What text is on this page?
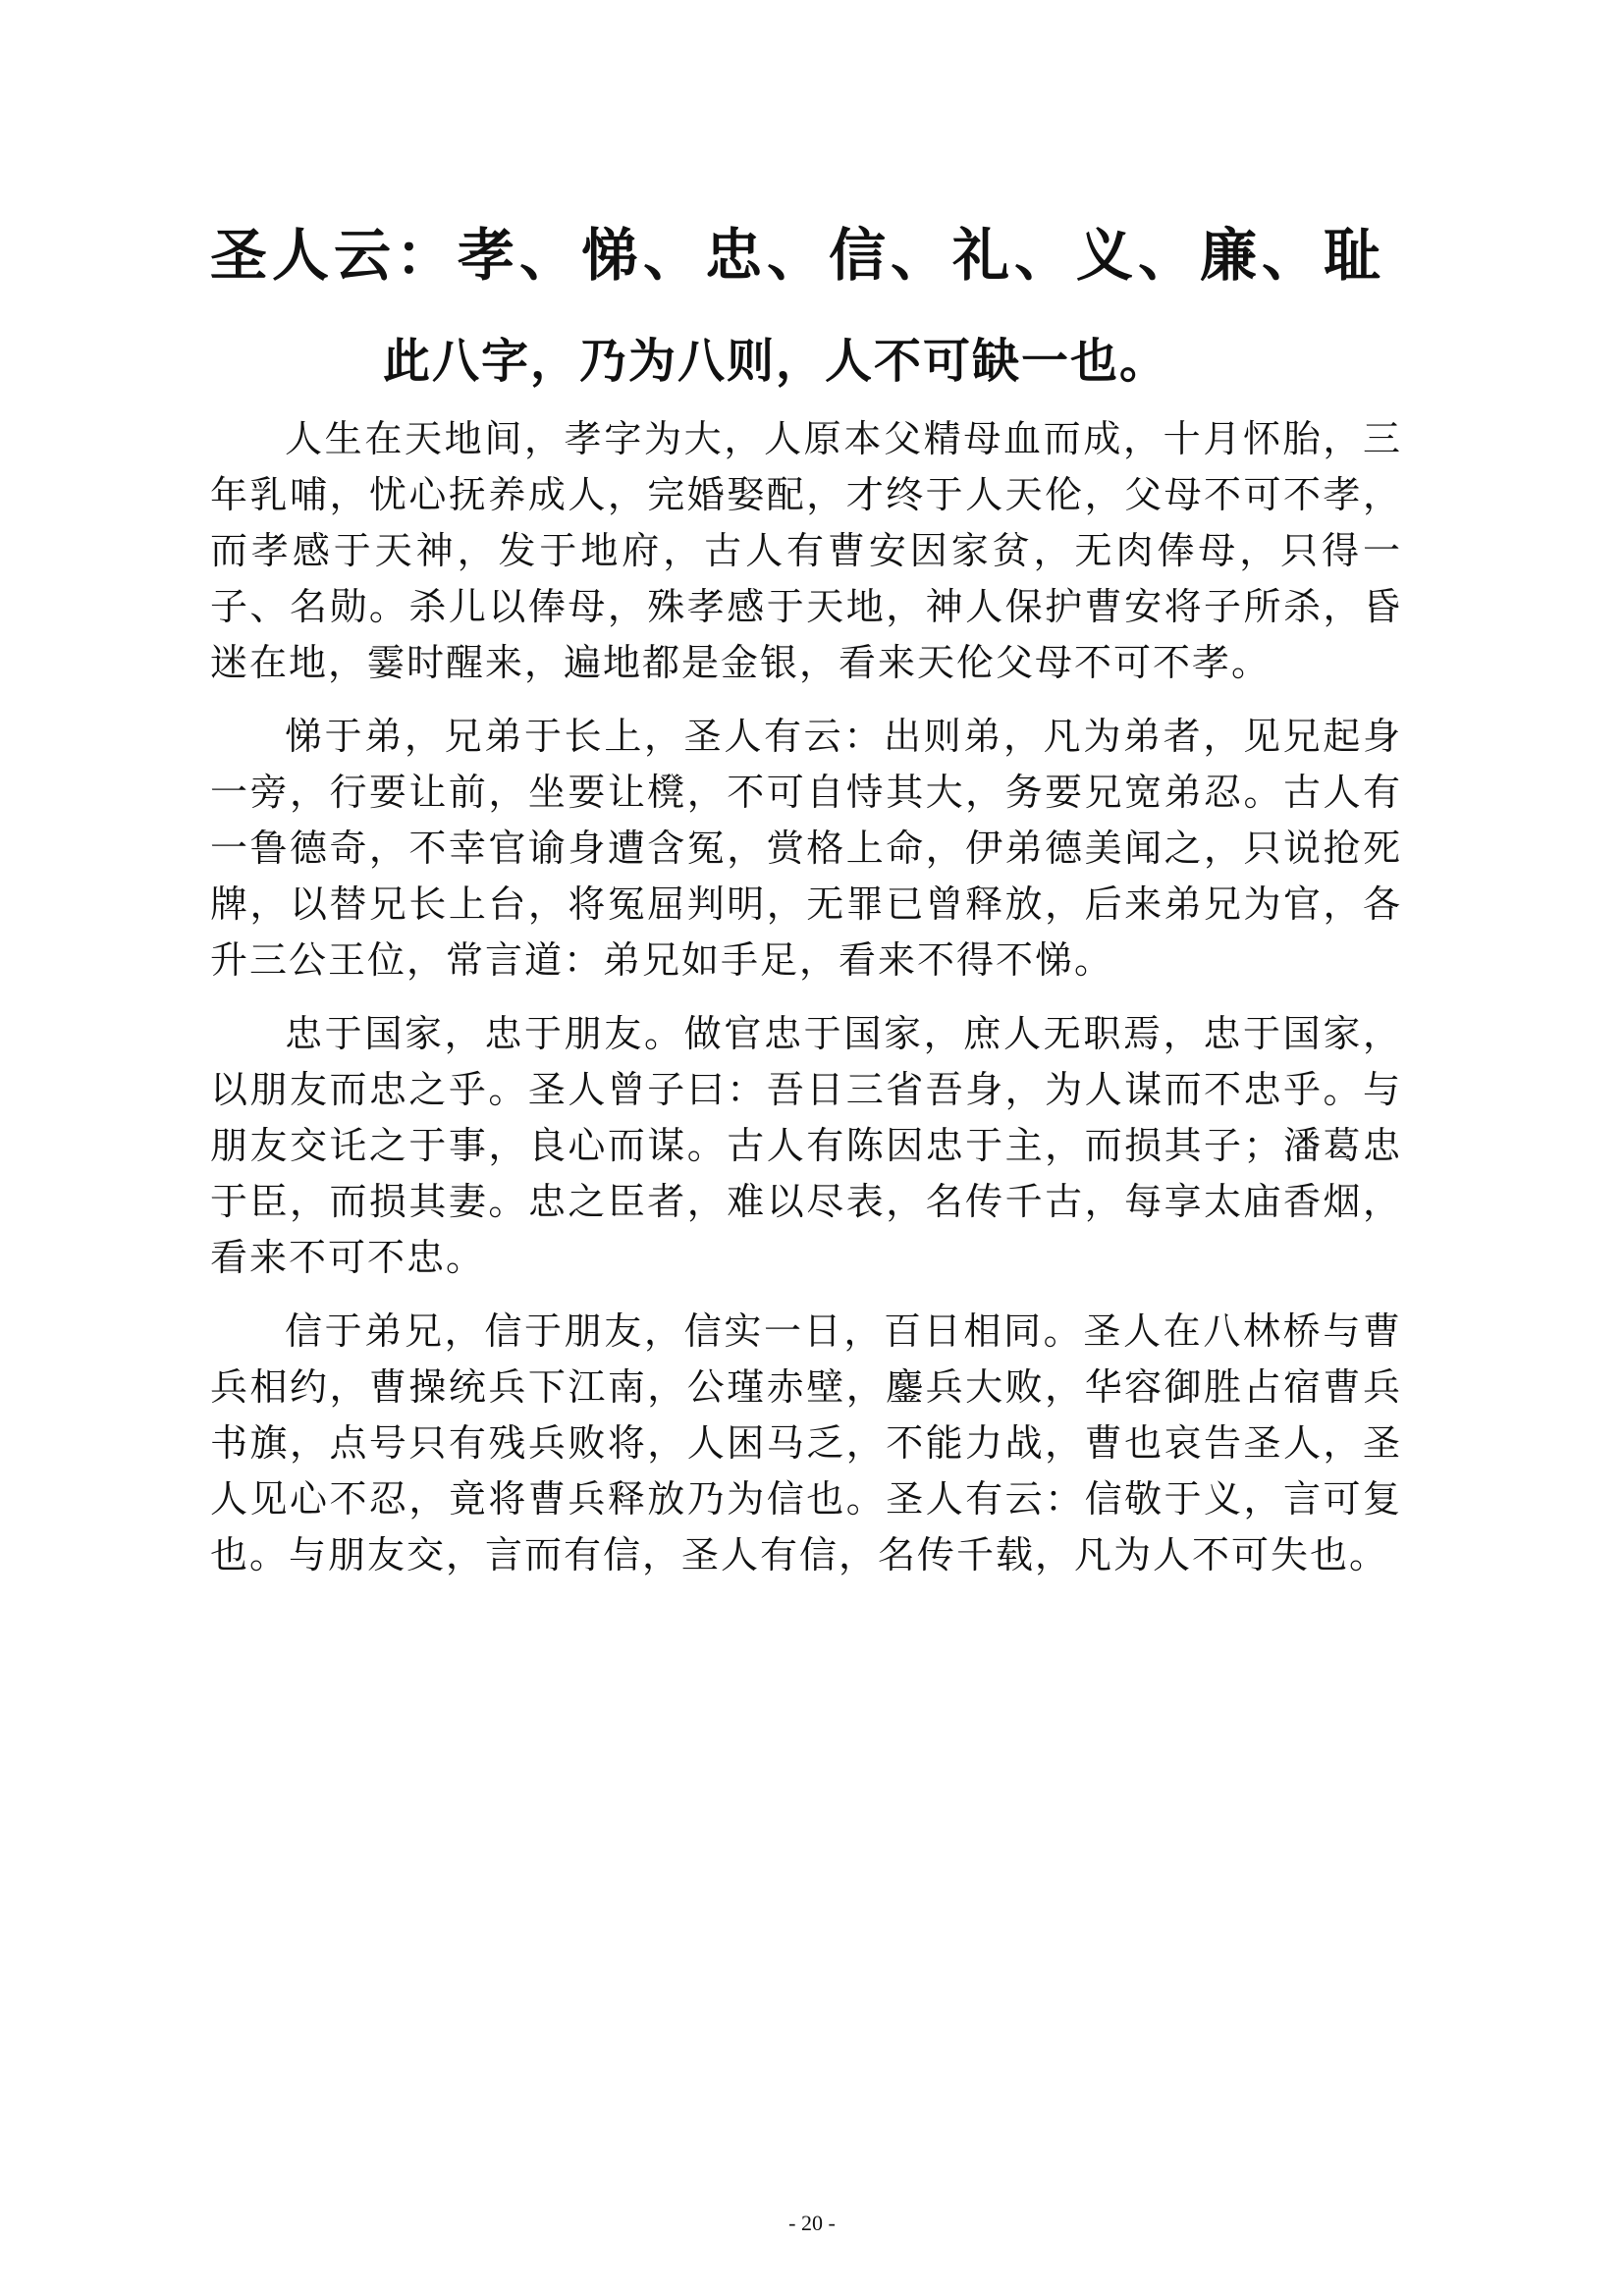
圣人云：孝、悌、忠、信、礼、义、廉、耻
此八字，乃为八则，人不可缺一也。

人生在天地间，孝字为大，人原本父精母血而成，十月怀胎，三年乳哺，忧心抚养成人，完婚娶配，才终于人天伦，父母不可不孝，而孝感于天神，发于地府，古人有曹安因家贫，无肉俸母，只得一子、名勋。杀儿以俸母，殊孝感于天地，神人保护曹安将子所杀，昏迷在地，霎时醒来，遍地都是金银，看来天伦父母不可不孝。

悌于弟，兄弟于长上，圣人有云：出则弟，凡为弟者，见兄起身一旁，行要让前，坐要让櫈，不可自恃其大，务要兄宽弟忍。古人有一鲁德奇，不幸官谕身遭含冤，赏格上命，伊弟德美闻之，只说抢死牌，以替兄长上台，将冤屈判明，无罪已曾释放，后来弟兄为官，各升三公王位，常言道：弟兄如手足，看来不得不悌。

忠于国家，忠于朋友。做官忠于国家，庶人无职焉，忠于国家，以朋友而忠之乎。圣人曾子曰：吾日三省吾身，为人谋而不忠乎。与朋友交讬之于事，良心而谋。古人有陈因忠于主，而损其子；潘葛忠于臣，而损其妻。忠之臣者，难以尽表，名传千古，每享太庙香烟，看来不可不忠。

信于弟兄，信于朋友，信实一日，百日相同。圣人在八林桥与曹兵相约，曹操统兵下江南，公瑾赤壁，鏖兵大败，华容御胜占宿曹兵书旗，点号只有残兵败将，人困马乏，不能力战，曹也哀告圣人，圣人见心不忍，竟将曹兵释放乃为信也。圣人有云：信敬于义，言可复也。与朋友交，言而有信，圣人有信，名传千载，凡为人不可失也。

- 20 -
